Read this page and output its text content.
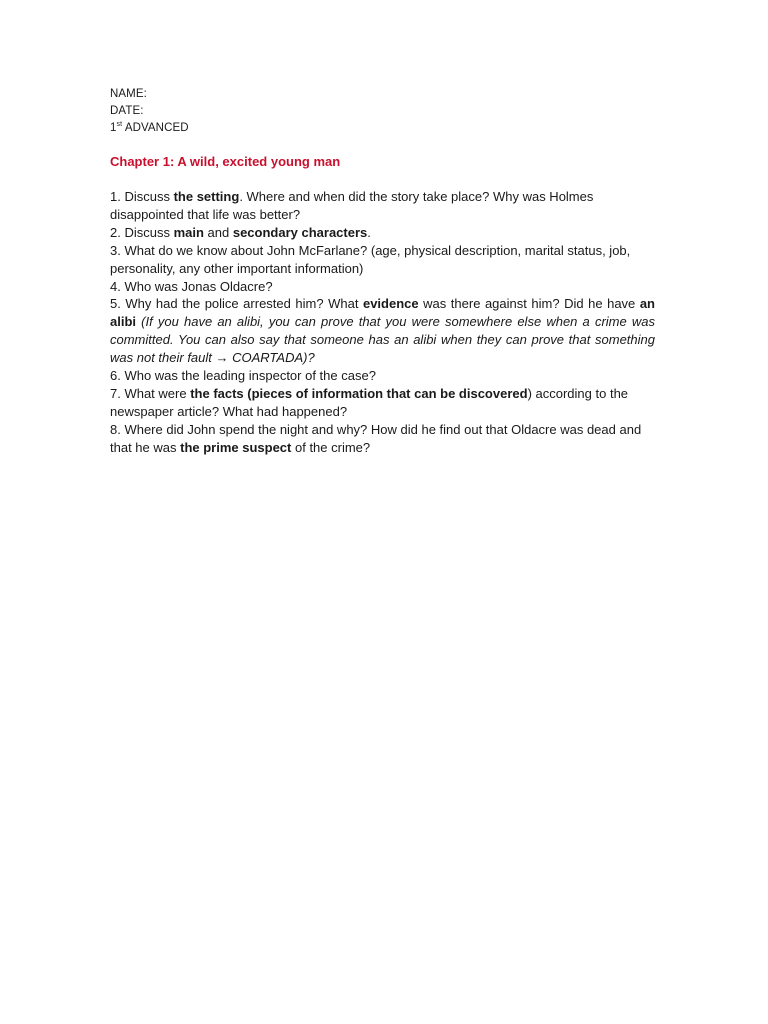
NAME:
DATE:
1st ADVANCED
Chapter 1: A wild, excited young man

1. Discuss the setting. Where and when did the story take place? Why was Holmes disappointed that life was better?

2. Discuss main and secondary characters.

3. What do we know about John McFarlane? (age, physical description, marital status, job, personality, any other important information)

4. Who was Jonas Oldacre?

5. Why had the police arrested him? What evidence was there against him? Did he have an alibi (If you have an alibi, you can prove that you were somewhere else when a crime was committed. You can also say that someone has an alibi when they can prove that something was not their fault → COARTADA)?

6. Who was the leading inspector of the case?

7. What were the facts (pieces of information that can be discovered) according to the newspaper article? What had happened?

8. Where did John spend the night and why? How did he find out that Oldacre was dead and that he was the prime suspect of the crime?
